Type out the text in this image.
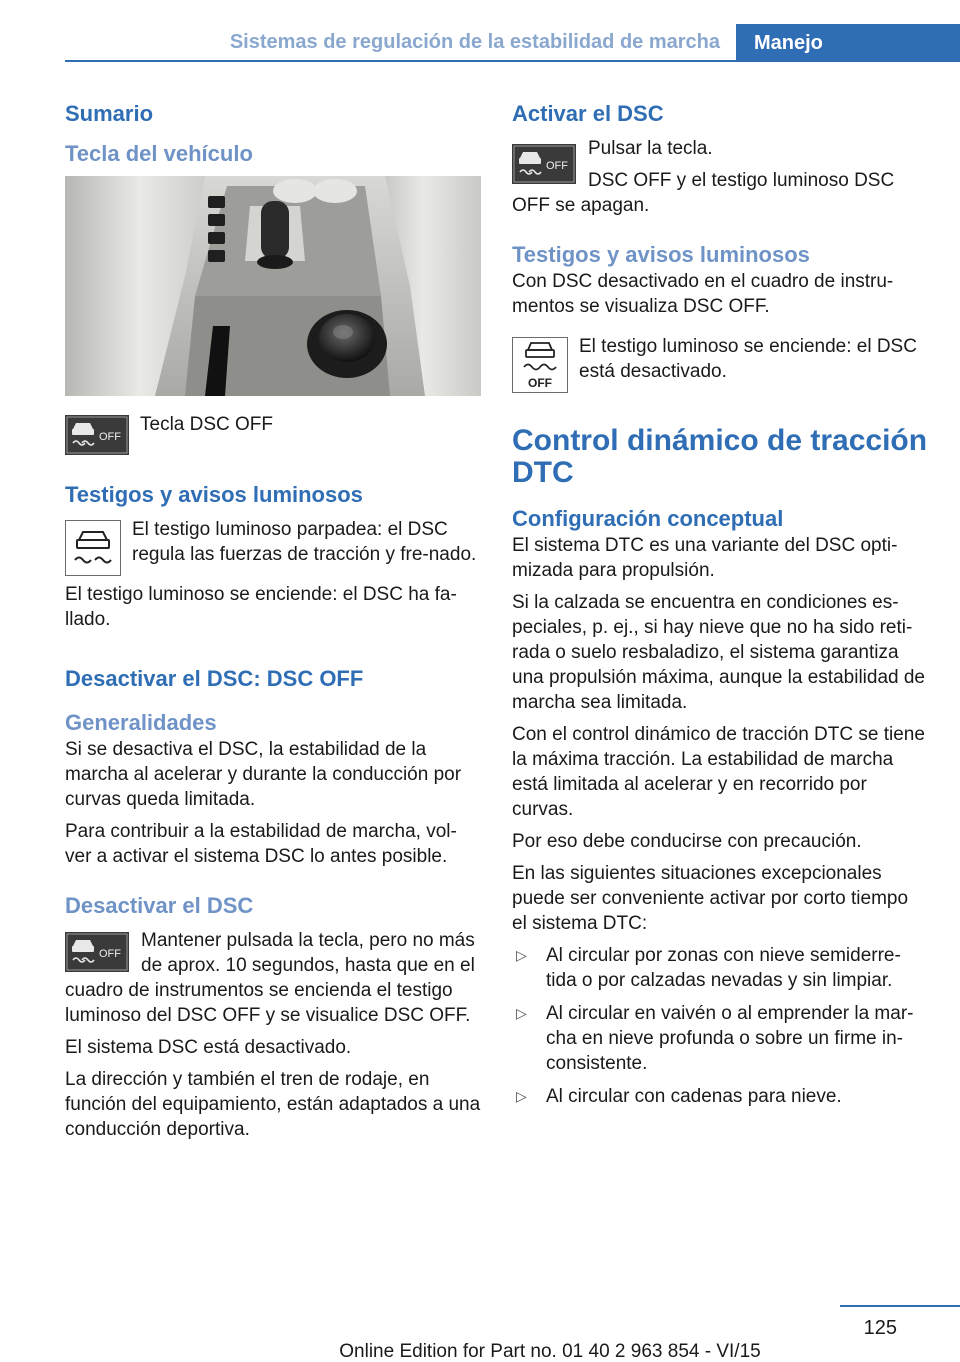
Sistemas de regulación de la estabilidad de marcha	Manejo
Sumario
Tecla del vehículo
OFF

Tecla DSC OFF

Testigos y avisos luminosos

El testigo luminoso parpadea: el DSC regula las fuerzas de tracción y fre-nado.

El testigo luminoso se enciende: el DSC ha fa-llado.

Desactivar el DSC: DSC OFF
Generalidades

Si se desactiva el DSC, la estabilidad de la marcha al acelerar y durante la conducción por curvas queda limitada.

Para contribuir a la estabilidad de marcha, vol-ver a activar el sistema DSC lo antes posible.

Desactivar el DSC

OFF
Mantener pulsada la tecla, pero no más de aprox. 10 segundos, hasta que en el cuadro de instrumentos se encienda el testigo luminoso del DSC OFF y se visualice DSC OFF.

El sistema DSC está desactivado.

La dirección y también el tren de rodaje, en función del equipamiento, están adaptados a una conducción deportiva.

Activar el DSC
OFF

Pulsar la tecla.

DSC OFF y el testigo luminoso DSC OFF se apagan.

Testigos y avisos luminosos

Con DSC desactivado en el cuadro de instru-mentos se visualiza DSC OFF.

OFF

El testigo luminoso se enciende: el DSC está desactivado.

Control dinámico de tracción DTC
Configuración conceptual

El sistema DTC es una variante del DSC opti-mizada para propulsión.

Si la calzada se encuentra en condiciones es-peciales, p. ej., si hay nieve que no ha sido reti-rada o suelo resbaladizo, el sistema garantiza una propulsión máxima, aunque la estabilidad de marcha sea limitada.

Con el control dinámico de tracción DTC se tiene la máxima tracción. La estabilidad de marcha está limitada al acelerar y en recorrido por curvas.

Por eso debe conducirse con precaución.

En las siguientes situaciones excepcionales puede ser conveniente activar por corto tiempo el sistema DTC:

▷ Al circular por zonas con nieve semiderre-tida o por calzadas nevadas y sin limpiar.
▷ Al circular en vaivén o al emprender la mar-cha en nieve profunda o sobre un firme in-consistente.
▷ Al circular con cadenas para nieve.
125
Online Edition for Part no. 01 40 2 963 854 - VI/15
